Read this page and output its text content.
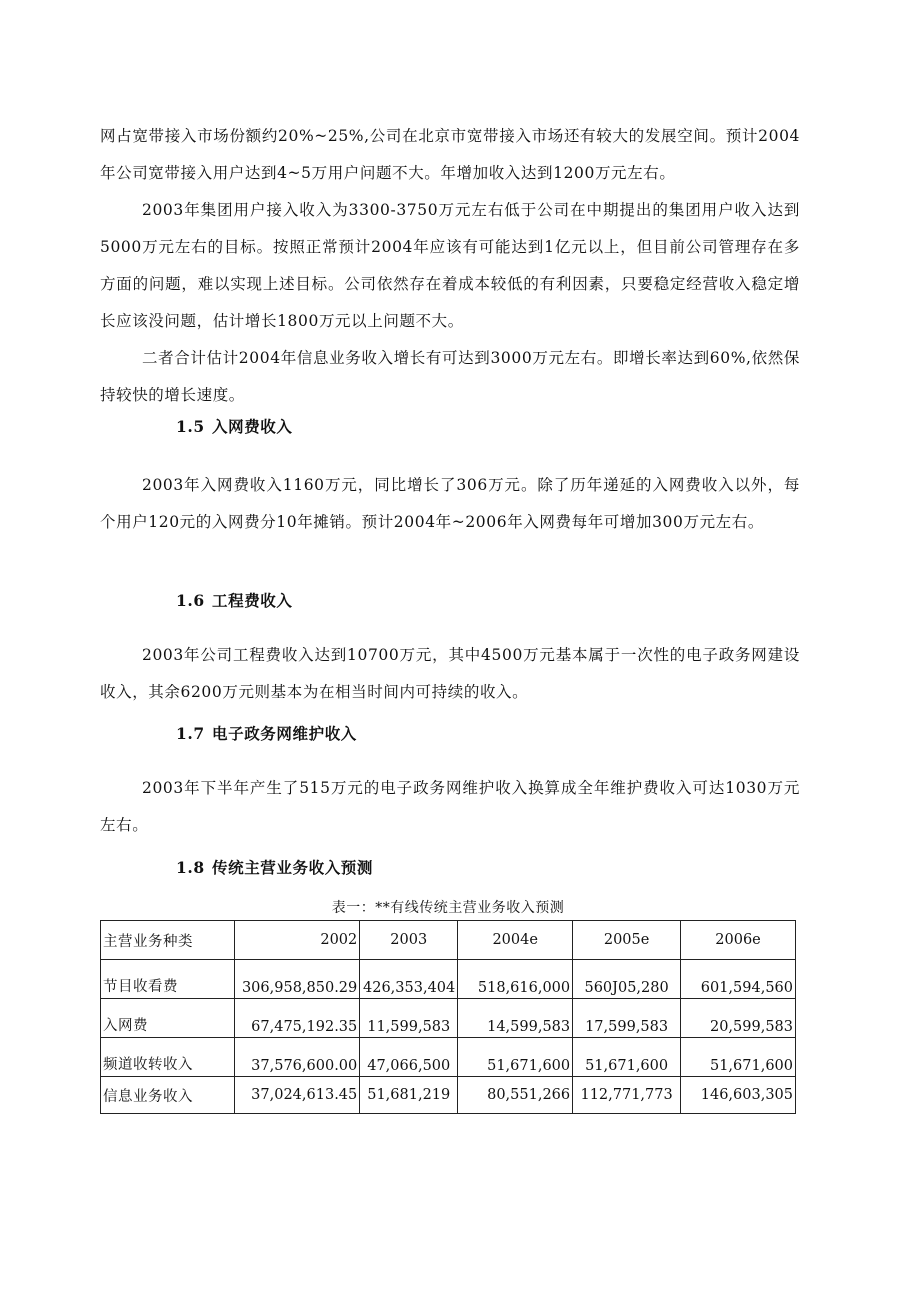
网占宽带接入市场份额约20%~25%,公司在北京市宽带接入市场还有较大的发展空间。预计2004年公司宽带接入用户达到4~5万用户问题不大。年增加收入达到1200万元左右。

2003年集团用户接入收入为3300-3750万元左右低于公司在中期提出的集团用户收入达到5000万元左右的目标。按照正常预计2004年应该有可能达到1亿元以上，但目前公司管理存在多方面的问题，难以实现上述目标。公司依然存在着成本较低的有利因素，只要稳定经营收入稳定增长应该没问题，估计增长1800万元以上问题不大。

二者合计估计2004年信息业务收入增长有可达到3000万元左右。即增长率达到60%,依然保持较快的增长速度。

1.5 入网费收入

2003年入网费收入1160万元，同比增长了306万元。除了历年递延的入网费收入以外，每个用户120元的入网费分10年摊销。预计2004年~2006年入网费每年可增加300万元左右。

1.6 工程费收入

2003年公司工程费收入达到10700万元，其中4500万元基本属于一次性的电子政务网建设收入，其余6200万元则基本为在相当时间内可持续的收入。

1.7 电子政务网维护收入

2003年下半年产生了515万元的电子政务网维护收入换算成全年维护费收入可达1030万元左右。

1.8 传统主营业务收入预测

表一：**有线传统主营业务收入预测

主营业务种类	2002	2003	2004e	2005e	2006e
节目收看费	306,958,850.29	426,353,404	518,616,000	560J05,280	601,594,560
入网费	67,475,192.35	11,599,583	14,599,583	17,599,583	20,599,583
频道收转收入	37,576,600.00	47,066,500	51,671,600	51,671,600	51,671,600
信息业务收入	37,024,613.45	51,681,219	80,551,266	112,771,773	146,603,305
